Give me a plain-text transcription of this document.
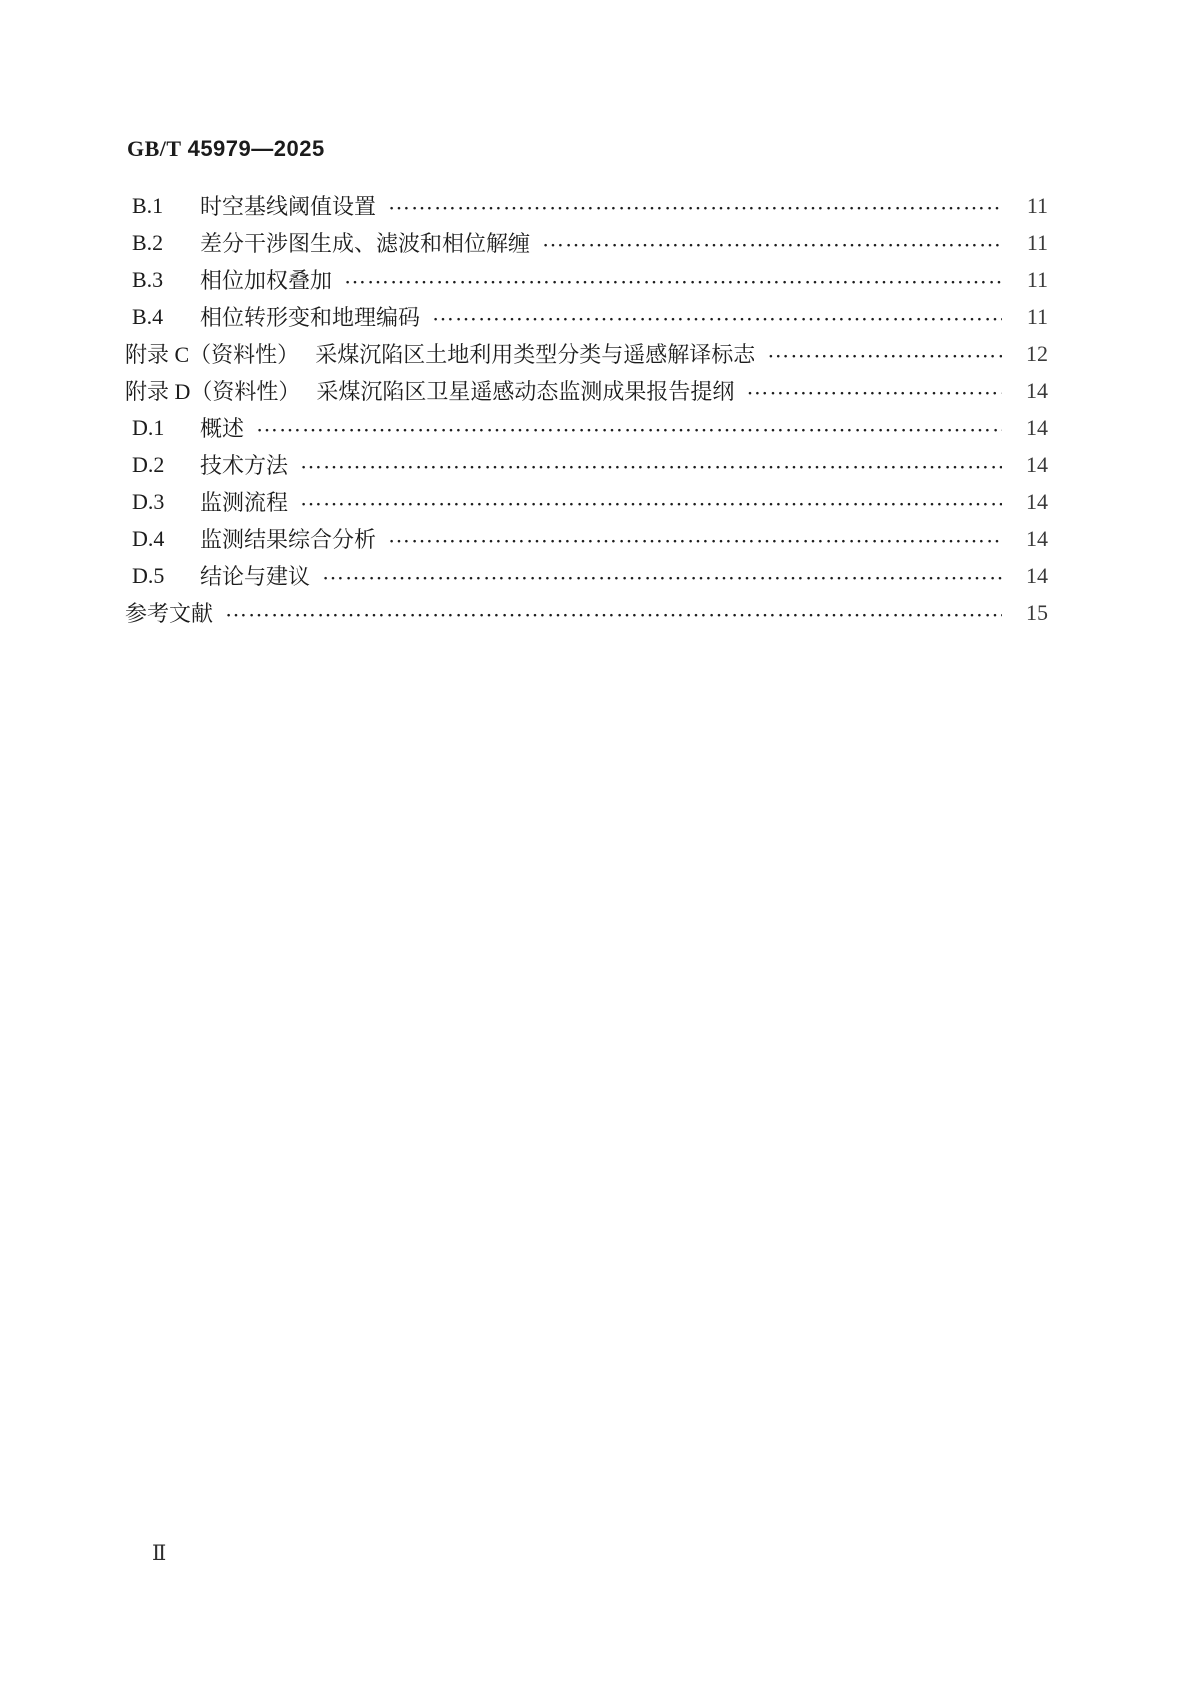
GB/T 45979—2025
B.1	时空基线阈值设置 ……………………………………………………………………………………………………………………………………………………………………………………	11
B.2	差分干涉图生成、滤波和相位解缠 ……………………………………………………………………………………………………………………………………………………………………………………	11
B.3	相位加权叠加 ……………………………………………………………………………………………………………………………………………………………………………………	11
B.4	相位转形变和地理编码 ……………………………………………………………………………………………………………………………………………………………………………………	11
附录 C（资料性） 采煤沉陷区土地利用类型分类与遥感解译标志 ……………………………………………………………………………………………………………………………………………………………………………………	12
附录 D（资料性） 采煤沉陷区卫星遥感动态监测成果报告提纲 ……………………………………………………………………………………………………………………………………………………………………………………	14
D.1	概述 ……………………………………………………………………………………………………………………………………………………………………………………	14
D.2	技术方法 ……………………………………………………………………………………………………………………………………………………………………………………	14
D.3	监测流程 ……………………………………………………………………………………………………………………………………………………………………………………	14
D.4	监测结果综合分析 ……………………………………………………………………………………………………………………………………………………………………………………	14
D.5	结论与建议 ……………………………………………………………………………………………………………………………………………………………………………………	14
参考文献 ……………………………………………………………………………………………………………………………………………………………………………………	15
Ⅱ
